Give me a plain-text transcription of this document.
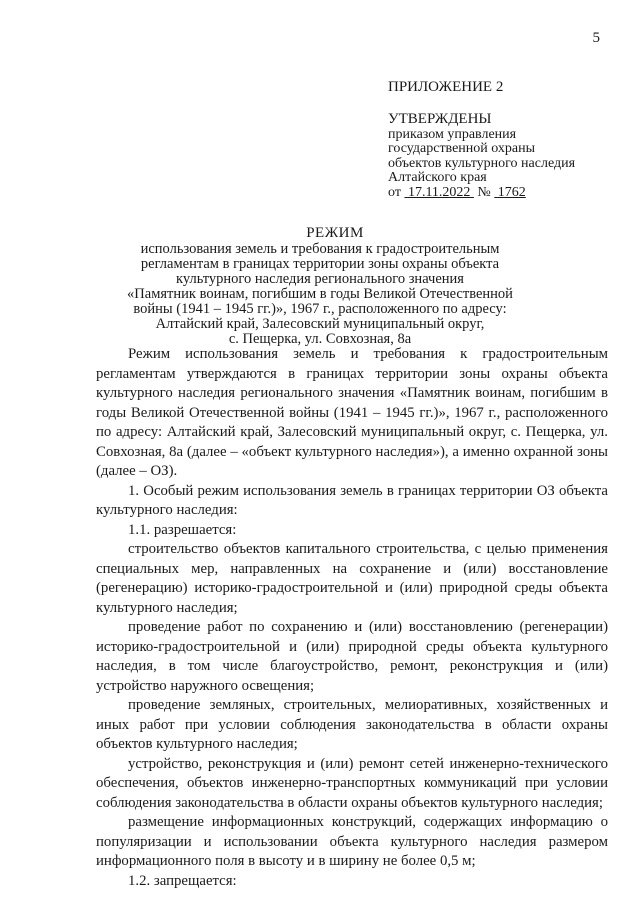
5
ПРИЛОЖЕНИЕ 2
УТВЕРЖДЕНЫ
приказом управления
государственной охраны
объектов культурного наследия
Алтайского края
от 17.11.2022 № 1762
РЕЖИМ
использования земель и требования к градостроительным
регламентам в границах территории зоны охраны объекта
культурного наследия регионального значения
«Памятник воинам, погибшим в годы Великой Отечественной
войны (1941 – 1945 гг.)», 1967 г., расположенного по адресу:
Алтайский край, Залесовский муниципальный округ,
с. Пещерка, ул. Совхозная, 8а

Режим использования земель и требования к градостроительным регламентам утверждаются в границах территории зоны охраны объекта культурного наследия регионального значения «Памятник воинам, погибшим в годы Великой Отечественной войны (1941 – 1945 гг.)», 1967 г., расположенного по адресу: Алтайский край, Залесовский муниципальный округ, с. Пещерка, ул. Совхозная, 8а (далее – «объект культурного наследия»), а именно охранной зоны (далее – ОЗ).

1. Особый режим использования земель в границах территории ОЗ объекта культурного наследия:

1.1. разрешается:

строительство объектов капитального строительства, с целью применения специальных мер, направленных на сохранение и (или) восстановление (регенерацию) историко-градостроительной и (или) природной среды объекта культурного наследия;

проведение работ по сохранению и (или) восстановлению (регенерации) историко-градостроительной и (или) природной среды объекта культурного наследия, в том числе благоустройство, ремонт, реконструкция и (или) устройство наружного освещения;

проведение земляных, строительных, мелиоративных, хозяйственных и иных работ при условии соблюдения законодательства в области охраны объектов культурного наследия;

устройство, реконструкция и (или) ремонт сетей инженерно-технического обеспечения, объектов инженерно-транспортных коммуникаций при условии соблюдения законодательства в области охраны объектов культурного наследия;

размещение информационных конструкций, содержащих информацию о популяризации и использовании объекта культурного наследия размером информационного поля в высоту и в ширину не более 0,5 м;

1.2. запрещается:
